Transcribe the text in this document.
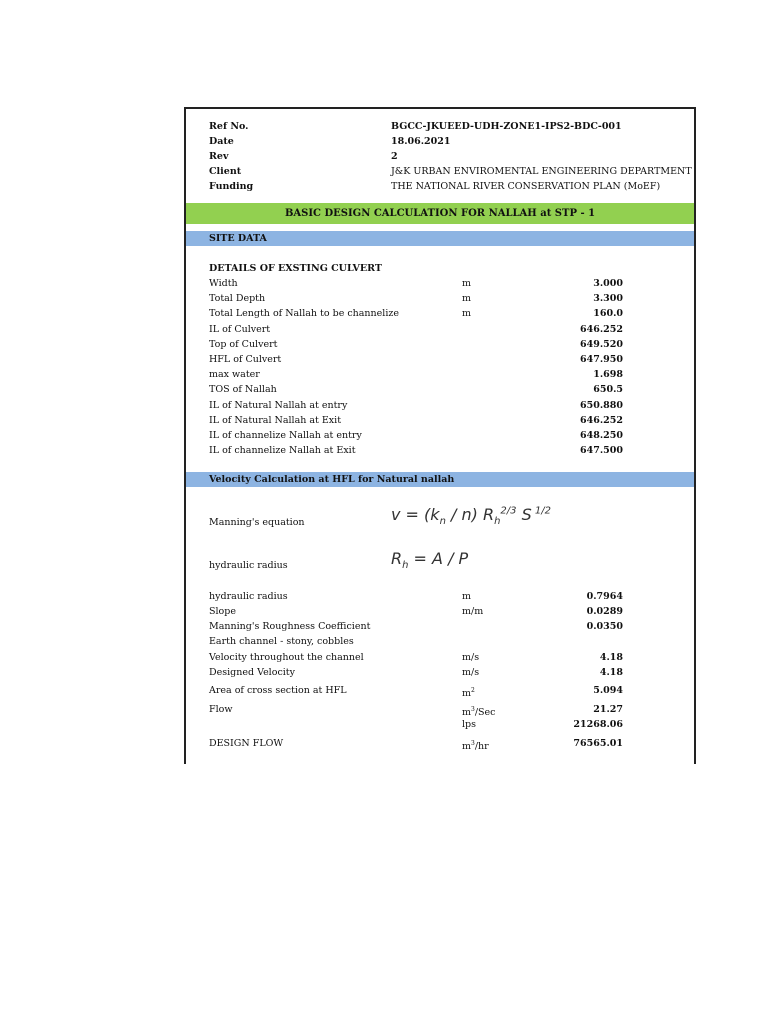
Ref No.	BGCC-JKUEED-UDH-ZONE1-IPS2-BDC-001
Date	18.06.2021
Rev	2
Client	J&K URBAN ENVIROMENTAL ENGINEERING DEPARTMENT
Funding	THE NATIONAL RIVER CONSERVATION PLAN (MoEF)
BASIC DESIGN CALCULATION FOR NALLAH at STP - 1
SITE DATA
DETAILS OF EXSTING CULVERT
Width	m	3.000
Total Depth	m	3.300
Total Length of Nallah to be channelize	m	160.0
IL of Culvert	646.252
Top of Culvert	649.520
HFL of Culvert	647.950
max water	1.698
TOS of Nallah	650.5
IL of Natural Nallah at entry	650.880
IL of Natural Nallah at Exit	646.252
IL of channelize Nallah at entry	648.250
IL of channelize Nallah at Exit	647.500
Velocity Calculation at HFL for Natural nallah
Manning's equation	$v = (k_n / n)$ $R_h^{2/3}$ S $^{1/2}$
hydraulic radius	$R_h = A / P$
hydraulic radius	m	0.7964
Slope	m/m	0.0289
Manning's Roughness Coefficient	0.0350
Earth channel - stony, cobbles
Velocity throughout the channel	m/s	4.18
Designed Velocity	m/s	4.18
Area of cross section at HFL	$m^2$	5.094
Flow	$m^3$/Sec	21.27
lps	21268.06
DESIGN FLOW	$m^3/hr$	76565.01
